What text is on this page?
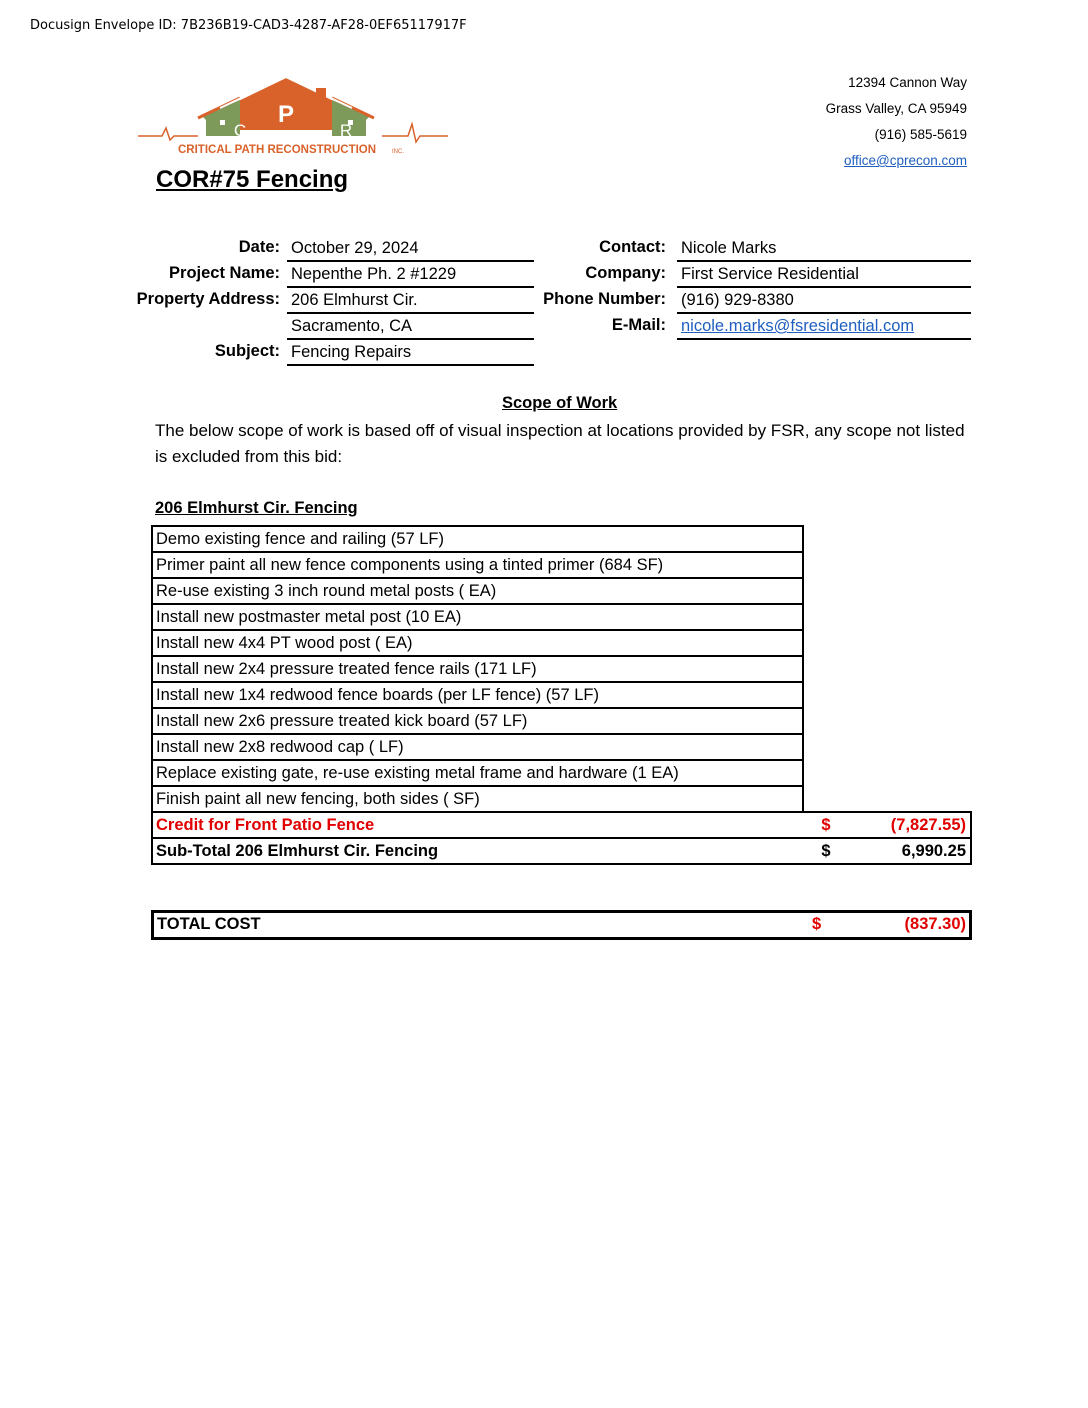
Docusign Envelope ID: 7B236B19-CAD3-4287-AF28-0EF65117917F
P
C	R
CRITICAL PATH RECONSTRUCTION	INC.
12394 Cannon Way
Grass Valley, CA 95949
(916) 585-5619
office@cprecon.com
COR#75 Fencing
Date: October 29, 2024
Project Name: Nepenthe Ph. 2 #1229
Property Address: 206 Elmhurst Cir.
Sacramento, CA
Subject: Fencing Repairs
Contact: Nicole Marks
Company: First Service Residential
Phone Number: (916) 929-8380
E-Mail: nicole.marks@fsresidential.com
Scope of Work
The below scope of work is based off of visual inspection at locations provided by FSR, any scope not listed is excluded from this bid:
206 Elmhurst Cir. Fencing
Demo existing fence and railing (57 LF)		
Primer paint all new fence components using a tinted primer (684 SF)		
Re-use existing 3 inch round metal posts ( EA)		
Install new postmaster metal post (10 EA)		
Install new 4x4 PT wood post ( EA)		
Install new 2x4 pressure treated fence rails (171 LF)		
Install new 1x4 redwood fence boards (per LF fence) (57 LF)		
Install new 2x6 pressure treated kick board (57 LF)		
Install new 2x8 redwood cap ( LF)		
Replace existing gate, re-use existing metal frame and hardware (1 EA)		
Finish paint all new fencing, both sides ( SF)		
Credit for Front Patio Fence	$	(7,827.55)
Sub-Total 206 Elmhurst Cir. Fencing	$	6,990.25
TOTAL COST	$	(837.30)
